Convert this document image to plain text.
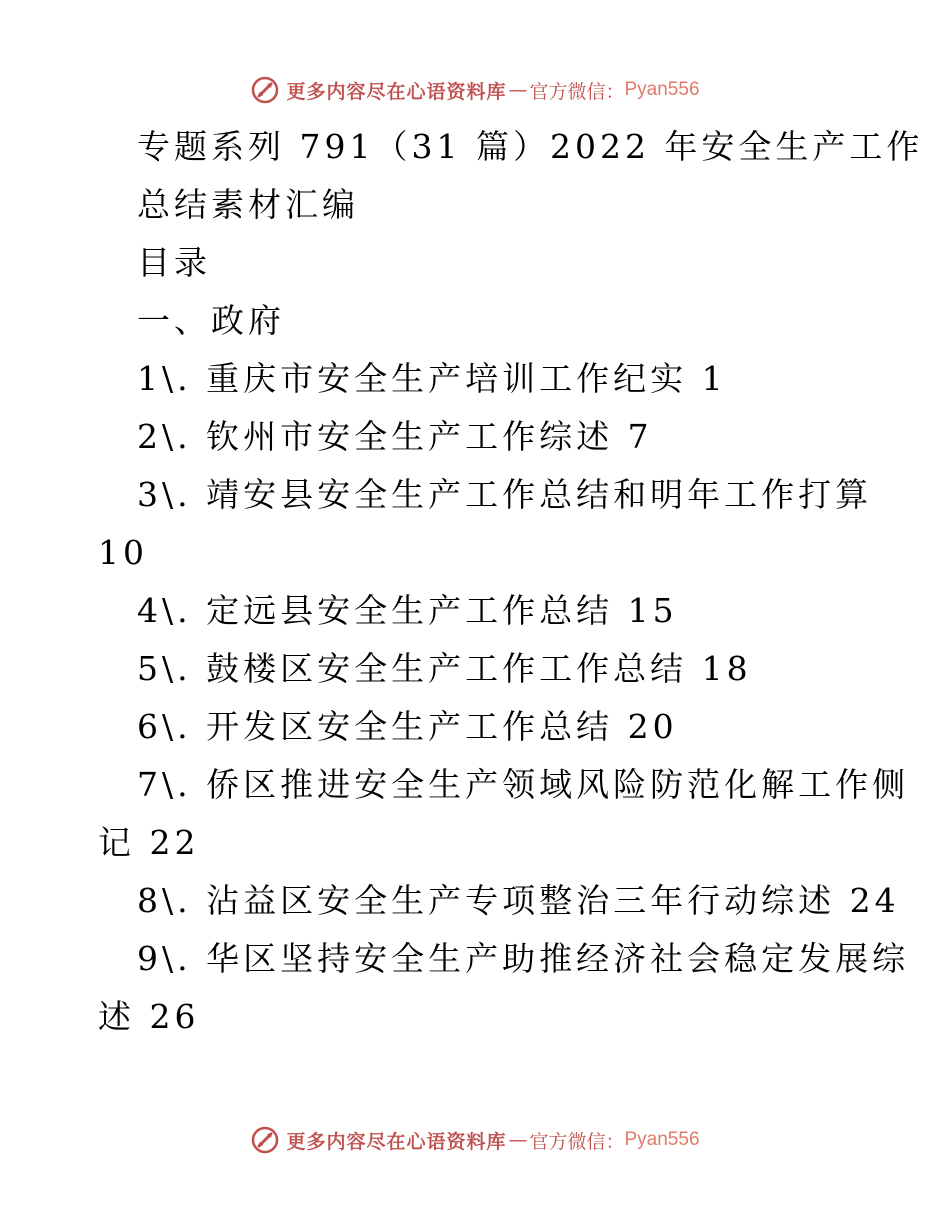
更多内容尽在心语资料库 — 官方微信： Pyan556
专题系列 791（31 篇）2022 年安全生产工作
总结素材汇编
目录
一、政府
1\. 重庆市安全生产培训工作纪实 1
2\. 钦州市安全生产工作综述 7
3\. 靖安县安全生产工作总结和明年工作打算
10
4\. 定远县安全生产工作总结 15
5\. 鼓楼区安全生产工作工作总结 18
6\. 开发区安全生产工作总结 20
7\. 侨区推进安全生产领域风险防范化解工作侧
记 22
8\. 沾益区安全生产专项整治三年行动综述 24
9\. 华区坚持安全生产助推经济社会稳定发展综
述 26
更多内容尽在心语资料库 — 官方微信： Pyan556
